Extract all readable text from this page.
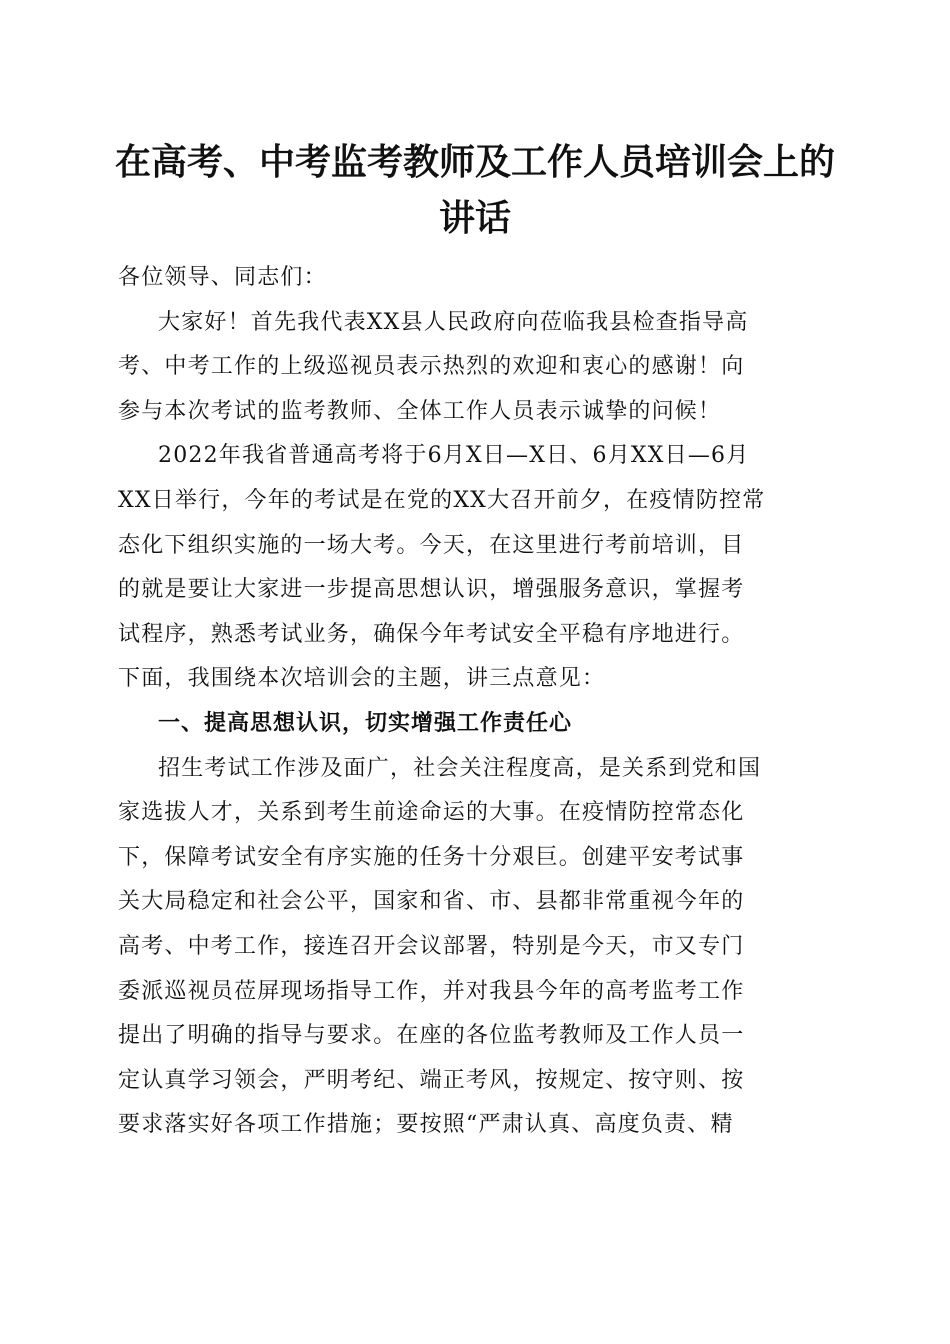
在高考、中考监考教师及工作人员培训会上的
讲话
各位领导、同志们：
大家好！首先我代表XX县人民政府向莅临我县检查指导高
考、中考工作的上级巡视员表示热烈的欢迎和衷心的感谢！向
参与本次考试的监考教师、全体工作人员表示诚挚的问候！
2022年我省普通高考将于6月X日—X日、6月XX日—6月
XX日举行，今年的考试是在党的XX大召开前夕，在疫情防控常
态化下组织实施的一场大考。今天，在这里进行考前培训，目
的就是要让大家进一步提高思想认识，增强服务意识，掌握考
试程序，熟悉考试业务，确保今年考试安全平稳有序地进行。
下面，我围绕本次培训会的主题，讲三点意见：
一、提高思想认识，切实增强工作责任心
招生考试工作涉及面广，社会关注程度高，是关系到党和国
家选拔人才，关系到考生前途命运的大事。在疫情防控常态化
下，保障考试安全有序实施的任务十分艰巨。创建平安考试事
关大局稳定和社会公平，国家和省、市、县都非常重视今年的
高考、中考工作，接连召开会议部署，特别是今天，市又专门
委派巡视员莅屏现场指导工作，并对我县今年的高考监考工作
提出了明确的指导与要求。在座的各位监考教师及工作人员一
定认真学习领会，严明考纪、端正考风，按规定、按守则、按
要求落实好各项工作措施；要按照“严肃认真、高度负责、精
